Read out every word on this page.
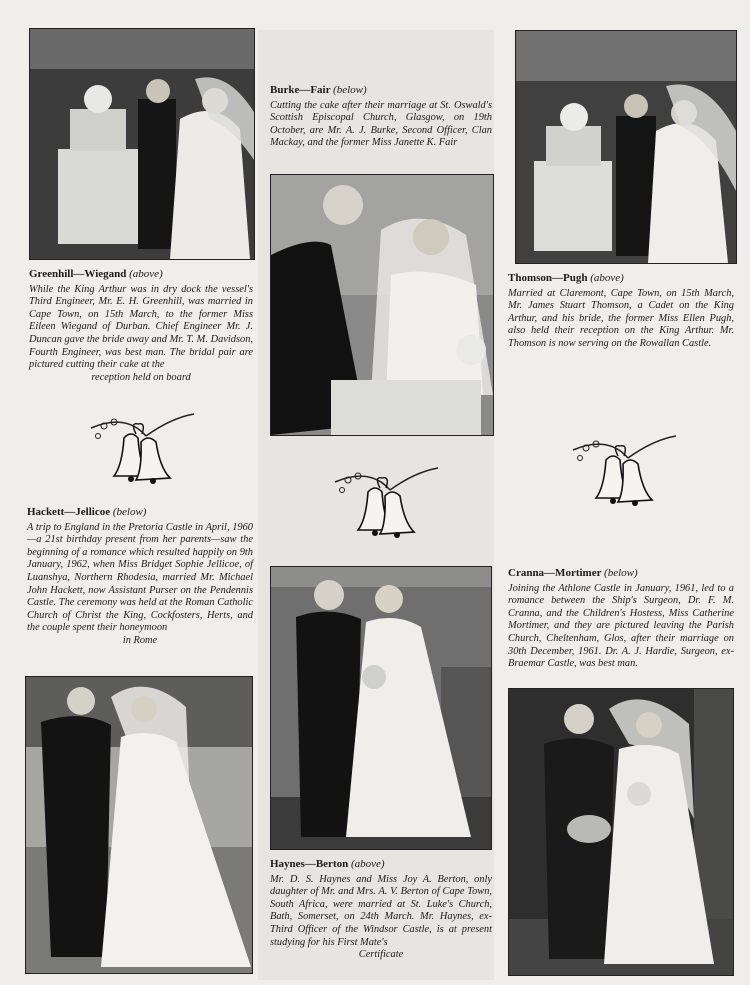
Greenhill—Wiegand (above)
While the King Arthur was in dry dock the vessel's Third Engineer, Mr. E. H. Greenhill, was married in Cape Town, on 15th March, to the former Miss Eileen Wiegand of Durban. Chief Engineer Mr. J. Duncan gave the bride away and Mr. T. M. Davidson, Fourth Engineer, was best man. The bridal pair are pictured cutting their cake at the
reception held on board
Burke—Fair (below)
Cutting the cake after their marriage at St. Oswald's Scottish Episcopal Church, Glasgow, on 19th October, are Mr. A. J. Burke, Second Officer, Clan Mackay, and the former Miss Janette K. Fair
Thomson—Pugh (above)
Married at Claremont, Cape Town, on 15th March, Mr. James Stuart Thomson, a Cadet on the King Arthur, and his bride, the former Miss Ellen Pugh, also held their reception on the King Arthur. Mr. Thomson is now serving on the Rowallan Castle.
Hackett—Jellicoe (below)
A trip to England in the Pretoria Castle in April, 1960—a 21st birthday present from her parents—saw the beginning of a romance which resulted happily on 9th January, 1962, when Miss Bridget Sophie Jellicoe, of Luanshya, Northern Rhodesia, married Mr. Michael John Hackett, now Assistant Purser on the Pendennis Castle. The ceremony was held at the Roman Catholic Church of Christ the King, Cockfosters, Herts, and the couple spent their honeymoon
in Rome
Cranna—Mortimer (below)
Joining the Athlone Castle in January, 1961, led to a romance between the Ship's Surgeon, Dr. F. M. Cranna, and the Children's Hostess, Miss Catherine Mortimer, and they are pictured leaving the Parish Church, Cheltenham, Glos, after their marriage on 30th December, 1961. Dr. A. J. Hardie, Surgeon, ex-Braemar Castle, was best man.
Haynes—Berton (above)
Mr. D. S. Haynes and Miss Joy A. Berton, only daughter of Mr. and Mrs. A. V. Berton of Cape Town, South Africa, were married at St. Luke's Church, Bath, Somerset, on 24th March. Mr. Haynes, ex-Third Officer of the Windsor Castle, is at present studying for his First Mate's
Certificate
